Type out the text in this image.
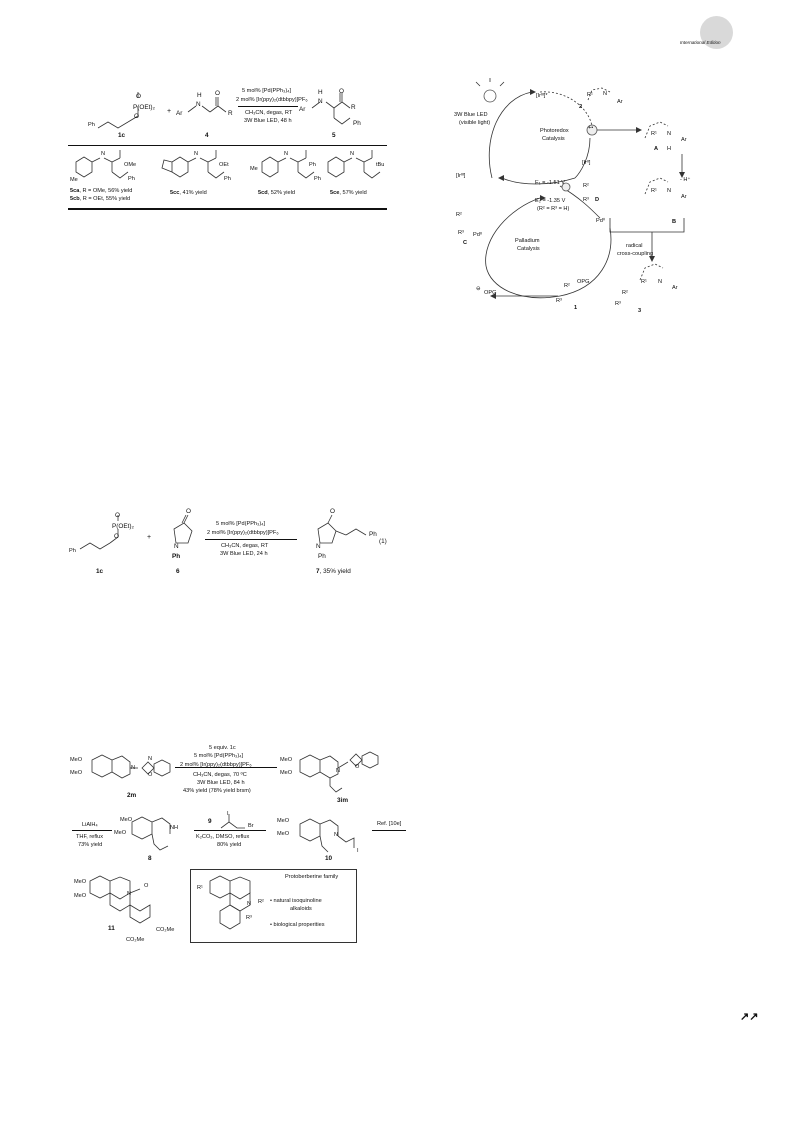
International Edition
Ph
O
P(OEt)₂
O
1c
+ Ar
N
H O
R
4
5 mol% [Pd(PPh₃)₄]
2 mol% [Ir(ppy)₂(dtbbpy)]PF₆
CH₃CN, degas, RT
3W Blue LED, 48 h
Ar
N
H	O
R
Ph
5
Me
N
OMe
Ph
N
OEt
Ph
Me
N
Ph
Ph
N
tBu
5ca, R = OMe, 56% yield
5cb, R = OEt, 55% yield
5cc, 41% yield	5cd, 52% yield	5ce, 57% yield
3W Blue LED
(visible light)
[Irᴵᴵᴵ]*
[Irᴵᴵ]
[Irᴵᴵᴵ]
Photoredox
Catalysis
E₁ = -1.51 V
E₂ = -1.35 V
(R² = R³ = H)
Palladium
Catalysis
Pd⁰
Pdᴵᴵ
⊖
OPG
- H⁺
radical
cross-coupling
R¹ N
Ar
2
+•
R¹ N
Ar
H
A
R¹ N
Ar
B
R²
R³ D
R²
R³
C
R²
R³
OPG
1
R¹ N
Ar
R²
R³
3
Ph
O
P(OEt)₂
O
1c
+
O
N
Ph
6
5 mol% [Pd(PPh₃)₄]
2 mol% [Ir(ppy)₂(dtbbpy)]PF₆
CH₃CN, degas, RT
3W Blue LED, 24 h
O
N
Ph
Ph
(1)
7, 35% yield
MeO
MeO
N
O
N
2m
5 equiv. 1c
5 mol% [Pd(PPh₃)₄]
2 mol% [Ir(ppy)₂(dtbbpy)]PF₆
CH₃CN, degas, 70 ºC
3W Blue LED, 84 h
43% yield (78% yield brsm)
MeO
MeO	N
O
3im
LiAlH₄
THF, reflux
73% yield
MeO
MeO
NH
8
9
I
Br
K₂CO₃, DMSO, reflux
80% yield
MeO
MeO	N
I
10
Ref. [10e]
MeO
MeO	N
O
CO₂Me
CO₂Me
11
R¹
N R²
R³
Protoberberine family
• natural isoquinoline
alkaloids
• biological properities
↗↗
